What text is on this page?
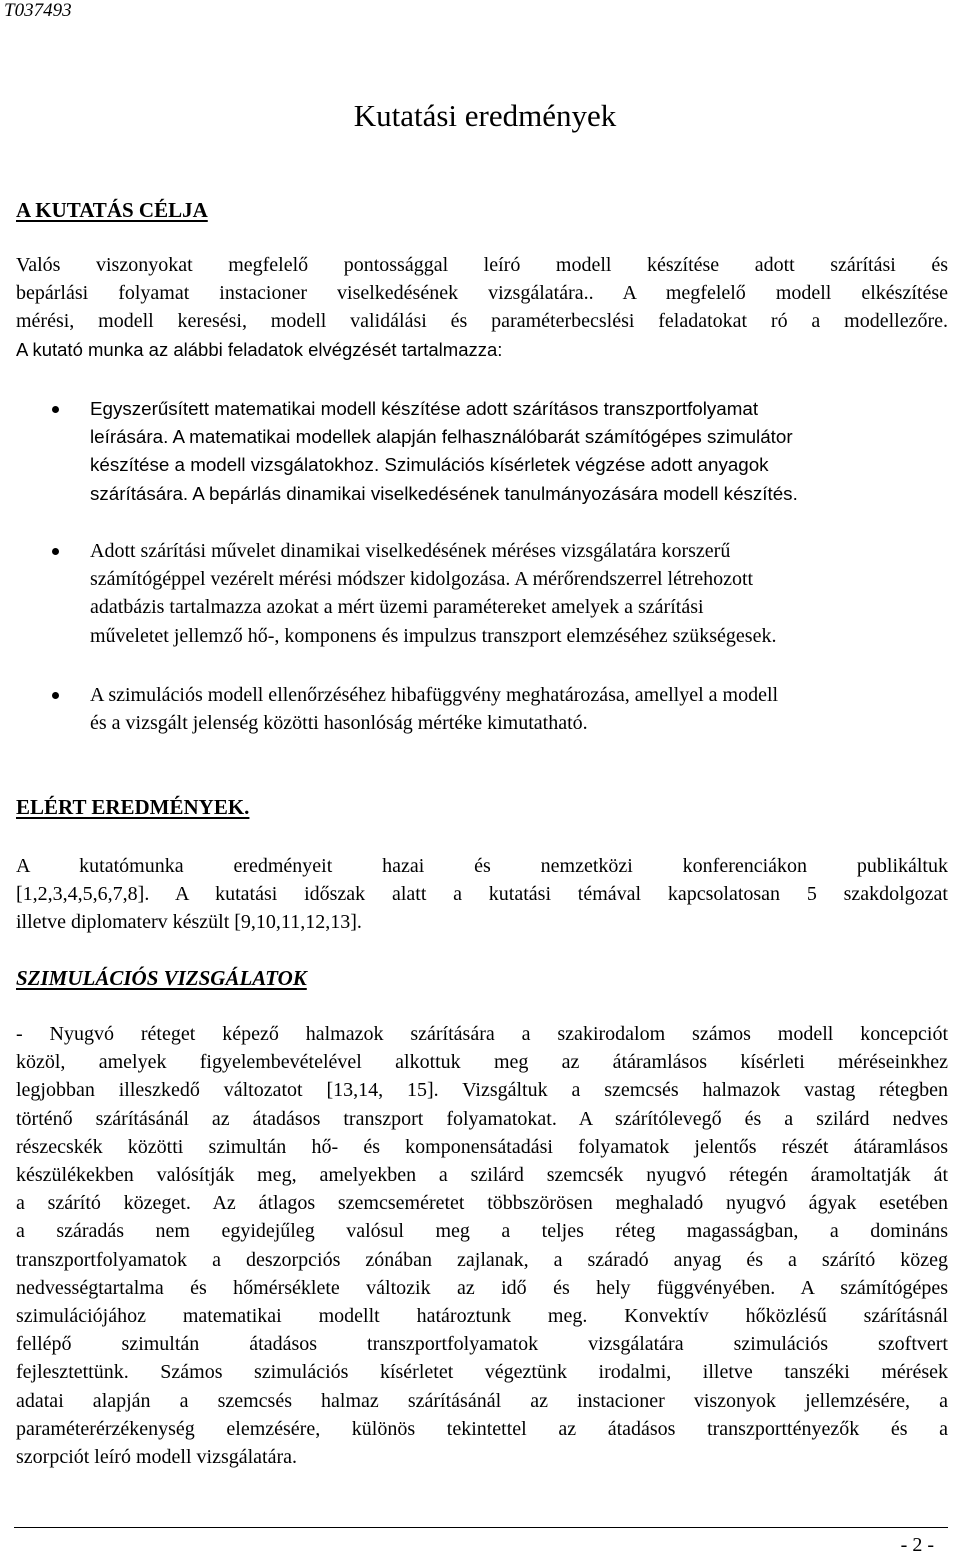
T037493
Kutatási eredmények
A KUTATÁS CÉLJA
Valós viszonyokat megfelelő pontossággal leíró modell készítése adott szárítási és
bepárlási folyamat instacioner viselkedésének vizsgálatára.. A megfelelő modell elkészítése
mérési, modell keresési, modell validálási és paraméterbecslési feladatokat ró a modellezőre.
A kutató munka az alábbi feladatok elvégzését tartalmazza:
Egyszerűsített matematikai modell készítése adott szárításos transzportfolyamat
leírására. A matematikai modellek alapján felhasználóbarát számítógépes szimulátor
készítése a modell vizsgálatokhoz. Szimulációs kísérletek végzése adott anyagok
szárítására. A bepárlás dinamikai viselkedésének tanulmányozására modell készítés.
Adott szárítási művelet dinamikai viselkedésének méréses vizsgálatára korszerű
számítógéppel vezérelt mérési módszer kidolgozása. A mérőrendszerrel létrehozott
adatbázis tartalmazza azokat a mért üzemi paramétereket amelyek a szárítási
műveletet jellemző hő-, komponens és impulzus transzport elemzéséhez szükségesek.
A szimulációs modell ellenőrzéséhez hibafüggvény meghatározása, amellyel a modell
és a vizsgált jelenség közötti hasonlóság mértéke kimutatható.
ELÉRT EREDMÉNYEK.
A kutatómunka eredményeit hazai és nemzetközi konferenciákon publikáltuk
[1,2,3,4,5,6,7,8]. A kutatási időszak alatt a kutatási témával kapcsolatosan 5 szakdolgozat
illetve diplomaterv készült [9,10,11,12,13].
SZIMULÁCIÓS VIZSGÁLATOK
- Nyugvó réteget képező halmazok szárítására a szakirodalom számos modell koncepciót
közöl, amelyek figyelembevételével alkottuk meg az átáramlásos kísérleti méréseinkhez
legjobban illeszkedő változatot [13,14, 15]. Vizsgáltuk a szemcsés halmazok vastag rétegben
történő szárításánál az átadásos transzport folyamatokat. A szárítólevegő és a szilárd nedves
részecskék közötti szimultán hő- és komponensátadási folyamatok jelentős részét átáramlásos
készülékekben valósítják meg, amelyekben a szilárd szemcsék nyugvó rétegén áramoltatják át
a szárító közeget. Az átlagos szemcseméretet többszörösen meghaladó nyugvó ágyak esetében
a száradás nem egyidejűleg valósul meg a teljes réteg magasságban, a domináns
transzportfolyamatok a deszorpciós zónában zajlanak, a száradó anyag és a szárító közeg
nedvességtartalma és hőmérséklete változik az idő és hely függvényében. A számítógépes
szimulációjához matematikai modellt határoztunk meg. Konvektív hőközlésű szárításnál
fellépő szimultán átadásos transzportfolyamatok vizsgálatára szimulációs szoftvert
fejlesztettünk. Számos szimulációs kísérletet végeztünk irodalmi, illetve tanszéki mérések
adatai alapján a szemcsés halmaz szárításánál az instacioner viszonyok jellemzésére, a
paraméterérzékenység elemzésére, különös tekintettel az átadásos transzporttényezők és a
szorpciót leíró modell vizsgálatára.
- 2 -
